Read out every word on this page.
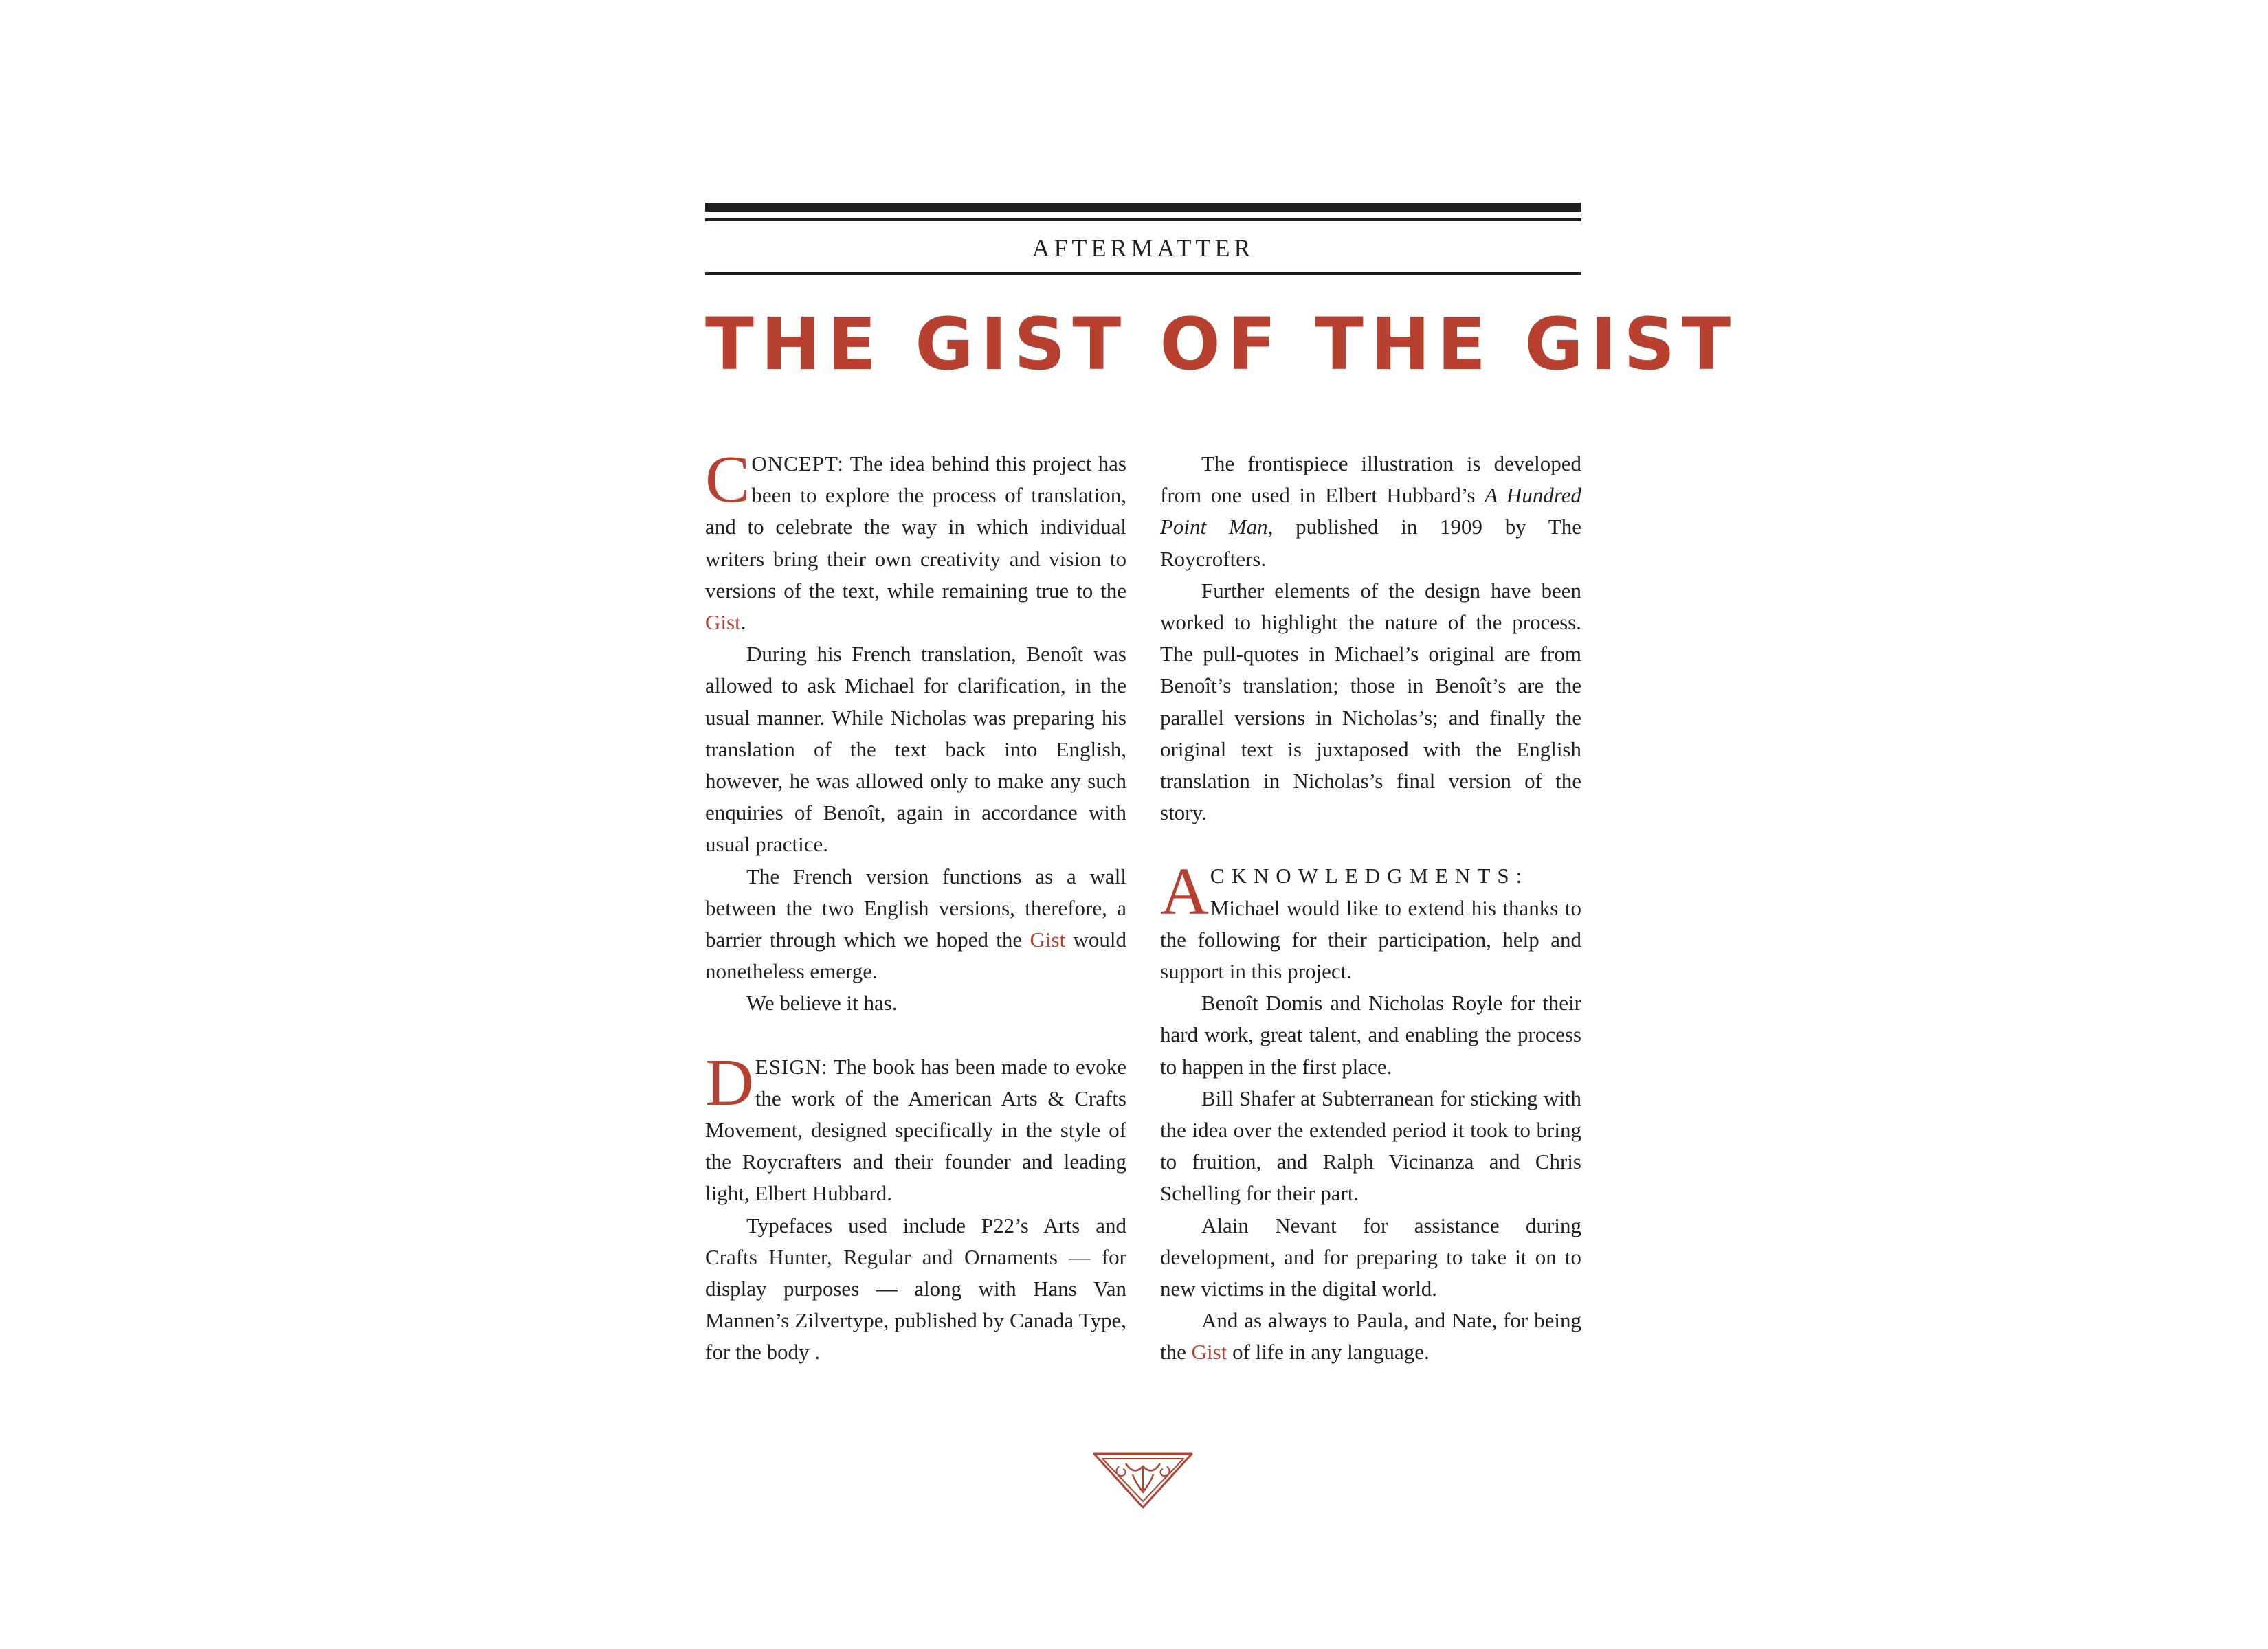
AFTERMATTER
THE GIST OF THE GIST

CONCEPT: The idea behind this project has been to explore the process of translation, and to celebrate the way in which individual writers bring their own creativity and vision to versions of the text, while remaining true to the Gist.

During his French translation, Benoît was allowed to ask Michael for clarification, in the usual manner. While Nicholas was preparing his translation of the text back into English, however, he was allowed only to make any such enquiries of Benoît, again in accordance with usual practice.

The French version functions as a wall between the two English versions, therefore, a barrier through which we hoped the Gist would nonetheless emerge.

We believe it has.

DESIGN: The book has been made to evoke the work of the American Arts & Crafts Movement, designed specifically in the style of the Roycrafters and their founder and leading light, Elbert Hubbard.

Typefaces used include P22’s Arts and Crafts Hunter, Regular and Ornaments — for display purposes — along with Hans Van Mannen’s Zilvertype, published by Canada Type, for the body .

The frontispiece illustration is developed from one used in Elbert Hubbard’s A Hundred Point Man, published in 1909 by The Roycrofters.

Further elements of the design have been worked to highlight the nature of the process. The pull-quotes in Michael’s original are from Benoît’s translation; those in Benoît’s are the parallel versions in Nicholas’s; and finally the original text is juxtaposed with the English translation in Nicholas’s final version of the story.

ACKNOWLEDGMENTS: Michael would like to extend his thanks to the following for their participation, help and support in this project.

Benoît Domis and Nicholas Royle for their hard work, great talent, and enabling the process to happen in the first place.

Bill Shafer at Subterranean for sticking with the idea over the extended period it took to bring to fruition, and Ralph Vicinanza and Chris Schelling for their part.

Alain Nevant for assistance during development, and for preparing to take it on to new victims in the digital world.

And as always to Paula, and Nate, for being the Gist of life in any language.
